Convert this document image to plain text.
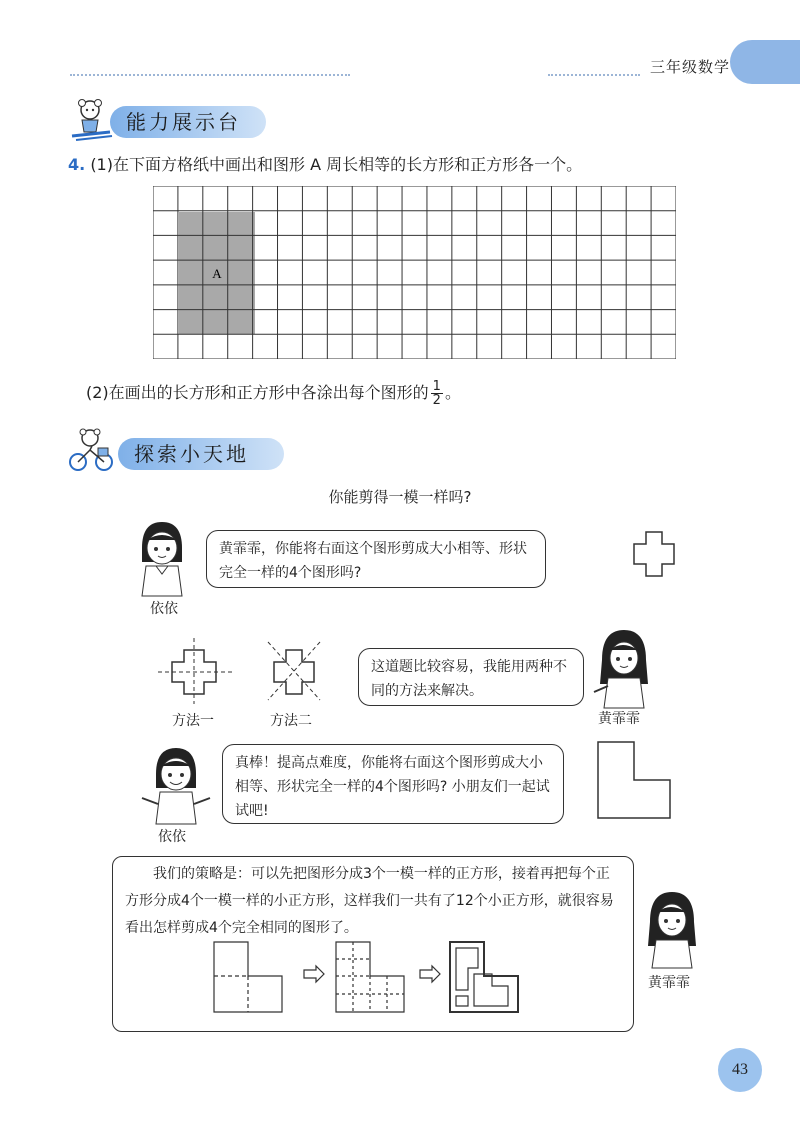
三年级数学
能力展示台
4. (1)在下面方格纸中画出和图形 A 周长相等的长方形和正方形各一个。
A
(2)在画出的长方形和正方形中各涂出每个图形的 $\frac{1}{2}$ 。
探索小天地
你能剪得一模一样吗?
依依
黄霏霏，你能将右面这个图形剪成大小相等、形状完全一样的4个图形吗?
方法一	方法二
这道题比较容易，我能用两种不同的方法来解决。
黄霏霏
依依
真棒！提高点难度，你能将右面这个图形剪成大小相等、形状完全一样的4个图形吗? 小朋友们一起试试吧!
我们的策略是：可以先把图形分成3个一模一样的正方形，接着再把每个正方形分成4个一模一样的小正方形，这样我们一共有了12个小正方形，就很容易看出怎样剪成4个完全相同的图形了。
黄霏霏
43
